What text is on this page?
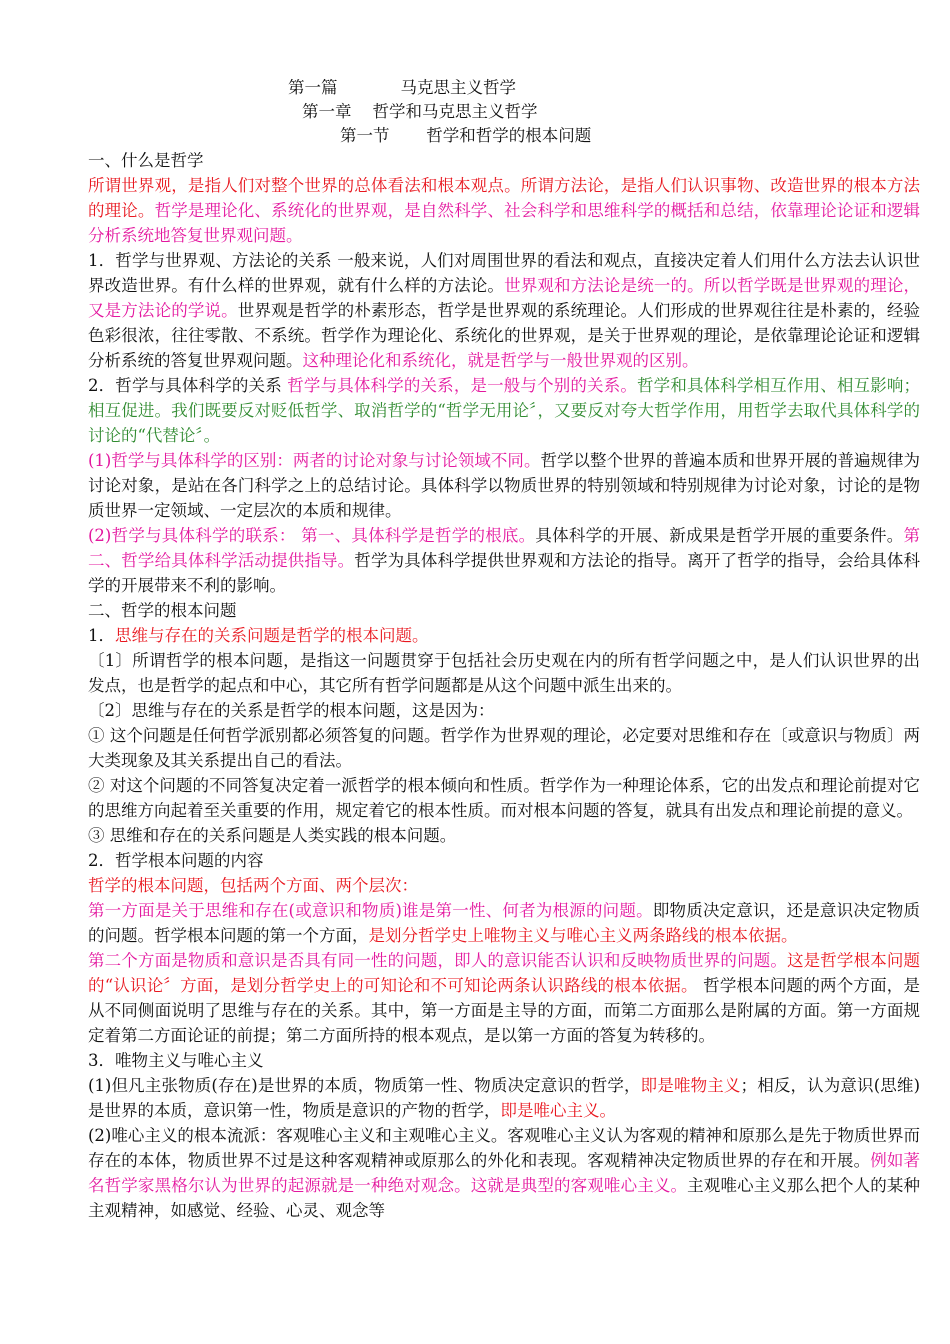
第一篇            马克思主义哲学
第一章    哲学和马克思主义哲学
第一节       哲学和哲学的根本问题

一、什么是哲学

所谓世界观，是指人们对整个世界的总体看法和根本观点。所谓方法论，是指人们认识事物、改造世界的根本方法的理论。哲学是理论化、系统化的世界观，是自然科学、社会科学和思维科学的概括和总结，依靠理论论证和逻辑分析系统地答复世界观问题。

1．哲学与世界观、方法论的关系 一般来说，人们对周围世界的看法和观点，直接决定着人们用什么方法去认识世界改造世界。有什么样的世界观，就有什么样的方法论。世界观和方法论是统一的。所以哲学既是世界观的理论，又是方法论的学说。世界观是哲学的朴素形态，哲学是世界观的系统理论。人们形成的世界观往往是朴素的，经验色彩很浓，往往零散、不系统。哲学作为理论化、系统化的世界观，是关于世界观的理论，是依靠理论论证和逻辑分析系统的答复世界观问题。这种理论化和系统化，就是哲学与一般世界观的区别。

2．哲学与具体科学的关系 哲学与具体科学的关系，是一般与个别的关系。哲学和具体科学相互作用、相互影响；相互促进。我们既要反对贬低哲学、取消哲学的“哲学无用论〞，又要反对夸大哲学作用，用哲学去取代具体科学的讨论的“代替论〞。

(1)哲学与具体科学的区别：两者的讨论对象与讨论领域不同。哲学以整个世界的普遍本质和世界开展的普遍规律为讨论对象，是站在各门科学之上的总结讨论。具体科学以物质世界的特别领域和特别规律为讨论对象，讨论的是物质世界一定领域、一定层次的本质和规律。

(2)哲学与具体科学的联系： 第一、具体科学是哲学的根底。具体科学的开展、新成果是哲学开展的重要条件。第二、哲学给具体科学活动提供指导。哲学为具体科学提供世界观和方法论的指导。离开了哲学的指导，会给具体科学的开展带来不利的影响。

二、哲学的根本问题

1．思维与存在的关系问题是哲学的根本问题。

〔1〕所谓哲学的根本问题，是指这一问题贯穿于包括社会历史观在内的所有哲学问题之中，是人们认识世界的出发点，也是哲学的起点和中心，其它所有哲学问题都是从这个问题中派生出来的。

〔2〕思维与存在的关系是哲学的根本问题，这是因为：

① 这个问题是任何哲学派别都必须答复的问题。哲学作为世界观的理论，必定要对思维和存在〔或意识与物质〕两大类现象及其关系提出自己的看法。

② 对这个问题的不同答复决定着一派哲学的根本倾向和性质。哲学作为一种理论体系，它的出发点和理论前提对它的思维方向起着至关重要的作用，规定着它的根本性质。而对根本问题的答复，就具有出发点和理论前提的意义。

③ 思维和存在的关系问题是人类实践的根本问题。

2．哲学根本问题的内容

哲学的根本问题，包括两个方面、两个层次：

第一方面是关于思维和存在(或意识和物质)谁是第一性、何者为根源的问题。即物质决定意识，还是意识决定物质的问题。哲学根本问题的第一个方面，是划分哲学史上唯物主义与唯心主义两条路线的根本依据。

第二个方面是物质和意识是否具有同一性的问题，即人的意识能否认识和反映物质世界的问题。这是哲学根本问题的“认识论〞方面，是划分哲学史上的可知论和不可知论两条认识路线的根本依据。 哲学根本问题的两个方面，是从不同侧面说明了思维与存在的关系。其中，第一方面是主导的方面，而第二方面那么是附属的方面。第一方面规定着第二方面论证的前提；第二方面所持的根本观点，是以第一方面的答复为转移的。

3．唯物主义与唯心主义

(1)但凡主张物质(存在)是世界的本质，物质第一性、物质决定意识的哲学，即是唯物主义；相反，认为意识(思维)是世界的本质，意识第一性，物质是意识的产物的哲学，即是唯心主义。

(2)唯心主义的根本流派：客观唯心主义和主观唯心主义。客观唯心主义认为客观的精神和原那么是先于物质世界而存在的本体，物质世界不过是这种客观精神或原那么的外化和表现。客观精神决定物质世界的存在和开展。例如著名哲学家黑格尔认为世界的起源就是一种绝对观念。这就是典型的客观唯心主义。主观唯心主义那么把个人的某种主观精神，如感觉、经验、心灵、观念等
